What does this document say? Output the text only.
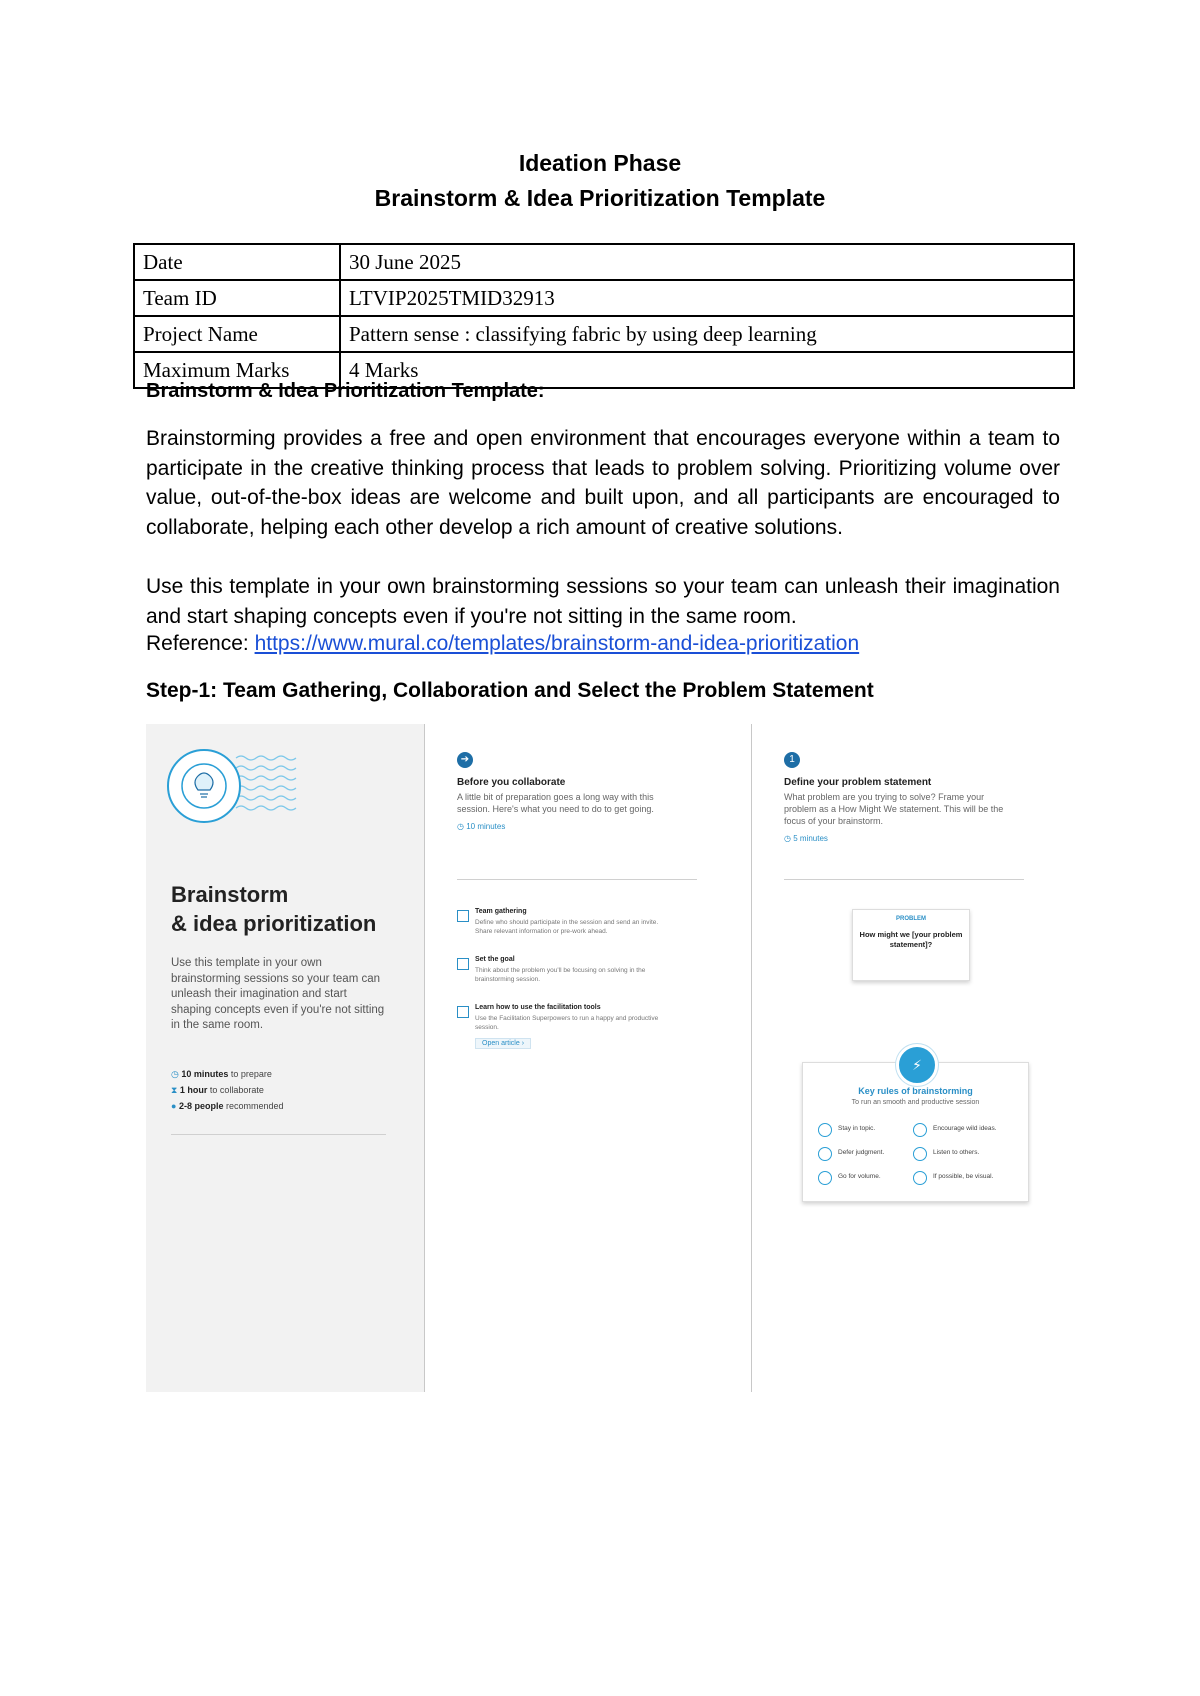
Ideation Phase
Brainstorm & Idea Prioritization Template
Date	30 June 2025
Team ID	LTVIP2025TMID32913
Project Name	Pattern sense : classifying fabric by using deep learning
Maximum Marks	4 Marks
Brainstorm & Idea Prioritization Template:
Brainstorming provides a free and open environment that encourages everyone within a team to participate in the creative thinking process that leads to problem solving. Prioritizing volume over value, out-of-the-box ideas are welcome and built upon, and all participants are encouraged to collaborate, helping each other develop a rich amount of creative solutions.
Use this template in your own brainstorming sessions so your team can unleash their imagination and start shaping concepts even if you're not sitting in the same room.
Reference: https://www.mural.co/templates/brainstorm-and-idea-prioritization
Step-1: Team Gathering, Collaboration and Select the Problem Statement
Brainstorm
& idea prioritization
Use this template in your own brainstorming sessions so your team can unleash their imagination and start shaping concepts even if you're not sitting in the same room.
◷ 10 minutes to prepare
⧗ 1 hour to collaborate
● 2-8 people recommended
➔
Before you collaborate
A little bit of preparation goes a long way with this session. Here's what you need to do to get going.
◷ 10 minutes
Team gathering
Define who should participate in the session and send an invite. Share relevant information or pre-work ahead.
Set the goal
Think about the problem you'll be focusing on solving in the brainstorming session.
Learn how to use the facilitation tools
Use the Facilitation Superpowers to run a happy and productive session.
Open article ›
1
Define your problem statement
What problem are you trying to solve? Frame your problem as a How Might We statement. This will be the focus of your brainstorm.
◷ 5 minutes
PROBLEM
How might we [your problem statement]?
Key rules of brainstorming
To run an smooth and productive session
Stay in topic.	Encourage wild ideas.
Defer judgment.	Listen to others.
Go for volume.	If possible, be visual.
⚡
